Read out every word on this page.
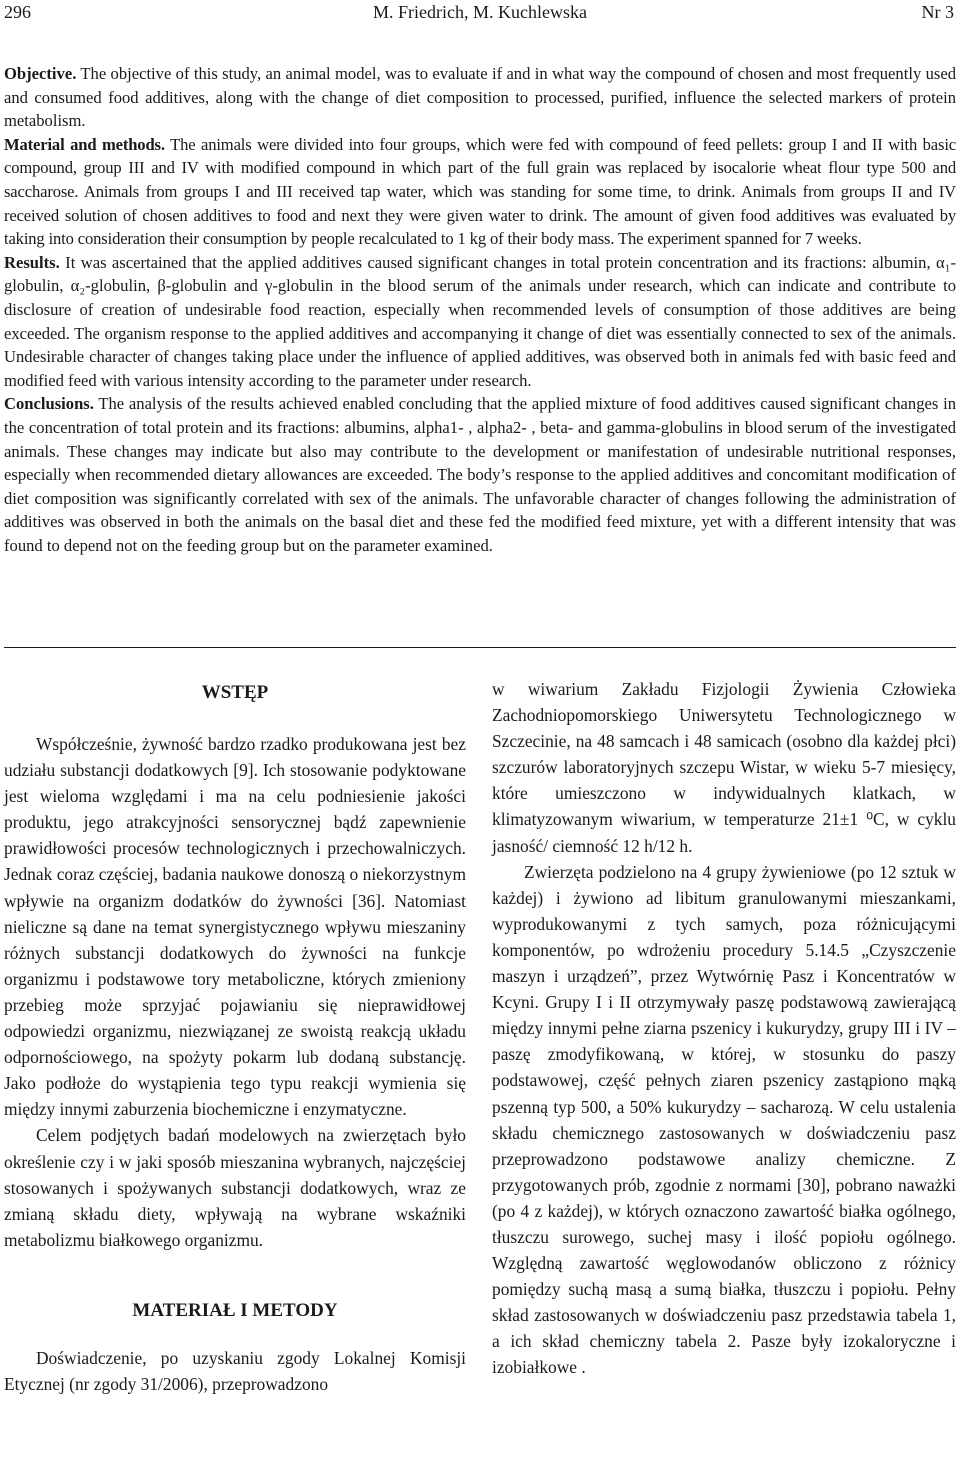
296	M. Friedrich, M. Kuchlewska	Nr 3

Objective. The objective of this study, an animal model, was to evaluate if and in what way the compound of chosen and most frequently used and consumed food additives, along with the change of diet composition to processed, purified, influence the selected markers of protein metabolism.

Material and methods. The animals were divided into four groups, which were fed with compound of feed pellets: group I and II with basic compound, group III and IV with modified compound in which part of the full grain was replaced by isocalorie wheat flour type 500 and saccharose. Animals from groups I and III received tap water, which was standing for some time, to drink. Animals from groups II and IV received solution of chosen additives to food and next they were given water to drink. The amount of given food additives was evaluated by taking into consideration their consumption by people recalculated to 1 kg of their body mass. The experiment spanned for 7 weeks.

Results. It was ascertained that the applied additives caused significant changes in total protein concentration and its fractions: albumin, α₁-globulin, α₂-globulin, β-globulin and γ-globulin in the blood serum of the animals under research, which can indicate and contribute to disclosure of creation of undesirable food reaction, especially when recommended levels of consumption of those additives are being exceeded. The organism response to the applied additives and accompanying it change of diet was essentially connected to sex of the animals. Undesirable character of changes taking place under the influence of applied additives, was observed both in animals fed with basic feed and modified feed with various intensity according to the parameter under research.

Conclusions. The analysis of the results achieved enabled concluding that the applied mixture of food additives caused significant changes in the concentration of total protein and its fractions: albumins, alpha1- , alpha2- , beta- and gamma-globulins in blood serum of the investigated animals. These changes may indicate but also may contribute to the development or manifestation of undesirable nutritional responses, especially when recommended dietary allowances are exceeded. The body’s response to the applied additives and concomitant modification of diet composition was significantly correlated with sex of the animals. The unfavorable character of changes following the administration of additives was observed in both the animals on the basal diet and these fed the modified feed mixture, yet with a different intensity that was found to depend not on the feeding group but on the parameter examined.

WSTĘP

Współcześnie, żywność bardzo rzadko produkowana jest bez udziału substancji dodatkowych [9]. Ich stosowanie podyktowane jest wieloma względami i ma na celu podniesienie jakości produktu, jego atrakcyjności sensorycznej bądź zapewnienie prawidłowości procesów technologicznych i przechowalniczych. Jednak coraz częściej, badania naukowe donoszą o niekorzystnym wpływie na organizm dodatków do żywności [36]. Natomiast nieliczne są dane na temat synergistycznego wpływu mieszaniny różnych substancji dodatkowych do żywności na funkcje organizmu i podstawowe tory metaboliczne, których zmieniony przebieg może sprzyjać pojawianiu się nieprawidłowej odpowiedzi organizmu, niezwiązanej ze swoistą reakcją układu odpornościowego, na spożyty pokarm lub dodaną substancję. Jako podłoże do wystąpienia tego typu reakcji wymienia się między innymi zaburzenia biochemiczne i enzymatyczne.

Celem podjętych badań modelowych na zwierzętach było określenie czy i w jaki sposób mieszanina wybranych, najczęściej stosowanych i spożywanych substancji dodatkowych, wraz ze zmianą składu diety, wpływają na wybrane wskaźniki metabolizmu białkowego organizmu.

MATERIAŁ I METODY

Doświadczenie, po uzyskaniu zgody Lokalnej Komisji Etycznej (nr zgody 31/2006), przeprowadzono

w wiwarium Zakładu Fizjologii Żywienia Człowieka Zachodniopomorskiego Uniwersytetu Technologicznego w Szczecinie, na 48 samcach i 48 samicach (osobno dla każdej płci) szczurów laboratoryjnych szczepu Wistar, w wieku 5-7 miesięcy, które umieszczono w indywidualnych klatkach, w klimatyzowanym wiwarium, w temperaturze 21±1 ⁰C, w cyklu jasność/ ciemność 12 h/12 h.

Zwierzęta podzielono na 4 grupy żywieniowe (po 12 sztuk w każdej) i żywiono ad libitum granulowanymi mieszankami, wyprodukowanymi z tych samych, poza różnicującymi komponentów, po wdrożeniu procedury 5.14.5 „Czyszczenie maszyn i urządzeń”, przez Wytwórnię Pasz i Koncentratów w Kcyni. Grupy I i II otrzymywały paszę podstawową zawierającą między innymi pełne ziarna pszenicy i kukurydzy, grupy III i IV – paszę zmodyfikowaną, w której, w stosunku do paszy podstawowej, część pełnych ziaren pszenicy zastąpiono mąką pszenną typ 500, a 50% kukurydzy – sacharozą. W celu ustalenia składu chemicznego zastosowanych w doświadczeniu pasz przeprowadzono podstawowe analizy chemiczne. Z przygotowanych prób, zgodnie z normami [30], pobrano naważki (po 4 z każdej), w których oznaczono zawartość białka ogólnego, tłuszczu surowego, suchej masy i ilość popiołu ogólnego. Względną zawartość węglowodanów obliczono z różnicy pomiędzy suchą masą a sumą białka, tłuszczu i popiołu. Pełny skład zastosowanych w doświadczeniu pasz przedstawia tabela 1, a ich skład chemiczny tabela 2. Pasze były izokaloryczne i izobiałkowe .
